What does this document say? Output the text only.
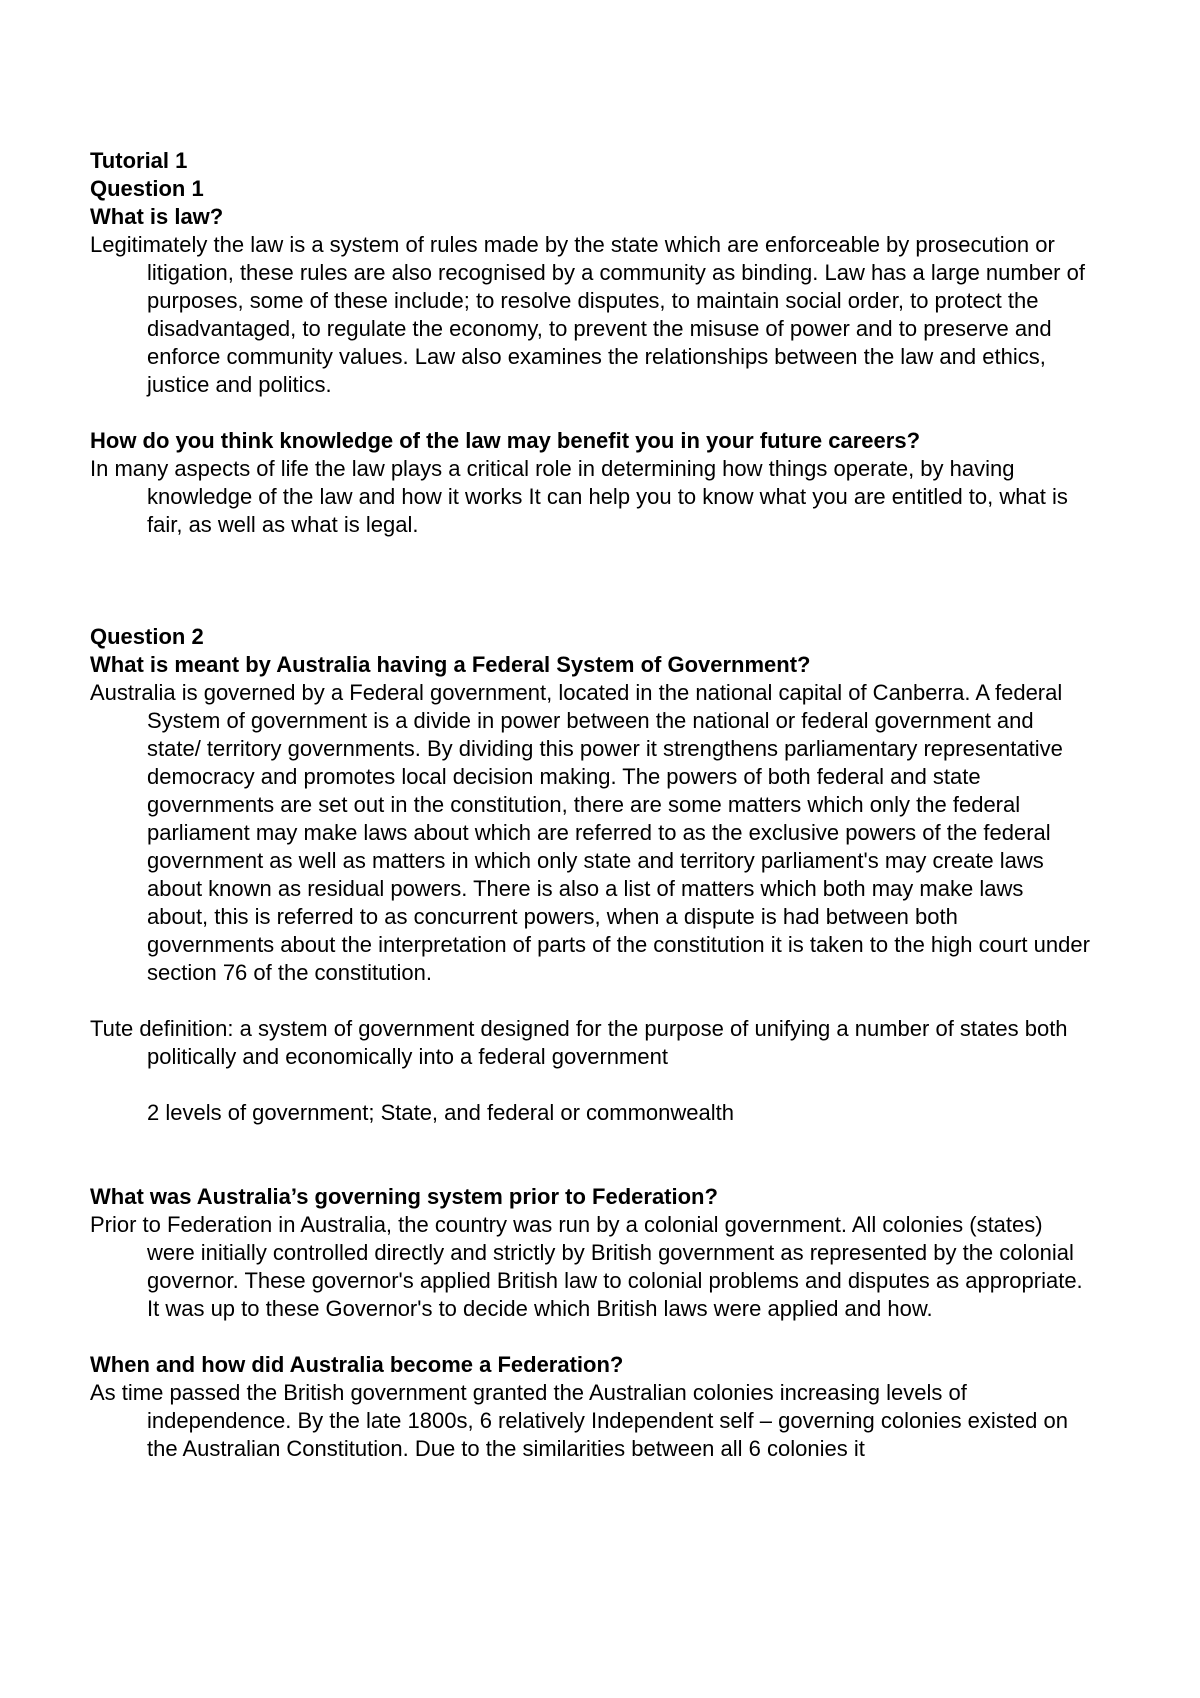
Tutorial 1

Question 1

What is law?

Legitimately the law is a system of rules made by the state which are enforceable by prosecution or litigation, these rules are also recognised by a community as binding. Law has a large number of purposes, some of these include; to resolve disputes, to maintain social order, to protect the disadvantaged, to regulate the economy, to prevent the misuse of power and to preserve and enforce community values. Law also examines the relationships between the law and ethics, justice and politics.

How do you think knowledge of the law may benefit you in your future careers?

In many aspects of life the law plays a critical role in determining how things operate, by having knowledge of the law and how it works It can help you to know what you are entitled to, what is fair, as well as what is legal.

Question 2

What is meant by Australia having a Federal System of Government?

Australia is governed by a Federal government, located in the national capital of Canberra. A federal System of government is a divide in power between the national or federal government and state/ territory governments. By dividing this power it strengthens parliamentary representative democracy and promotes local decision making. The powers of both federal and state governments are set out in the constitution, there are some matters which only the federal parliament may make laws about which are referred to as the exclusive powers of the federal government as well as matters in which only state and territory parliament's may create laws about known as residual powers. There is also a list of matters which both may make laws about, this is referred to as concurrent powers, when a dispute is had between both governments about the interpretation of parts of the constitution it is taken to the high court under section 76 of the constitution.

Tute definition: a system of government designed for the purpose of unifying a number of states both politically and economically into a federal government

2 levels of government; State, and federal or commonwealth

What was Australia’s governing system prior to Federation?

Prior to Federation in Australia, the country was run by a colonial government. All colonies (states) were initially controlled directly and strictly by British government as represented by the colonial governor. These governor's applied British law to colonial problems and disputes as appropriate. It was up to these Governor's to decide which British laws were applied and how.

When and how did Australia become a Federation?

As time passed the British government granted the Australian colonies increasing levels of independence. By the late 1800s, 6 relatively Independent self – governing colonies existed on the Australian Constitution. Due to the similarities between all 6 colonies it
